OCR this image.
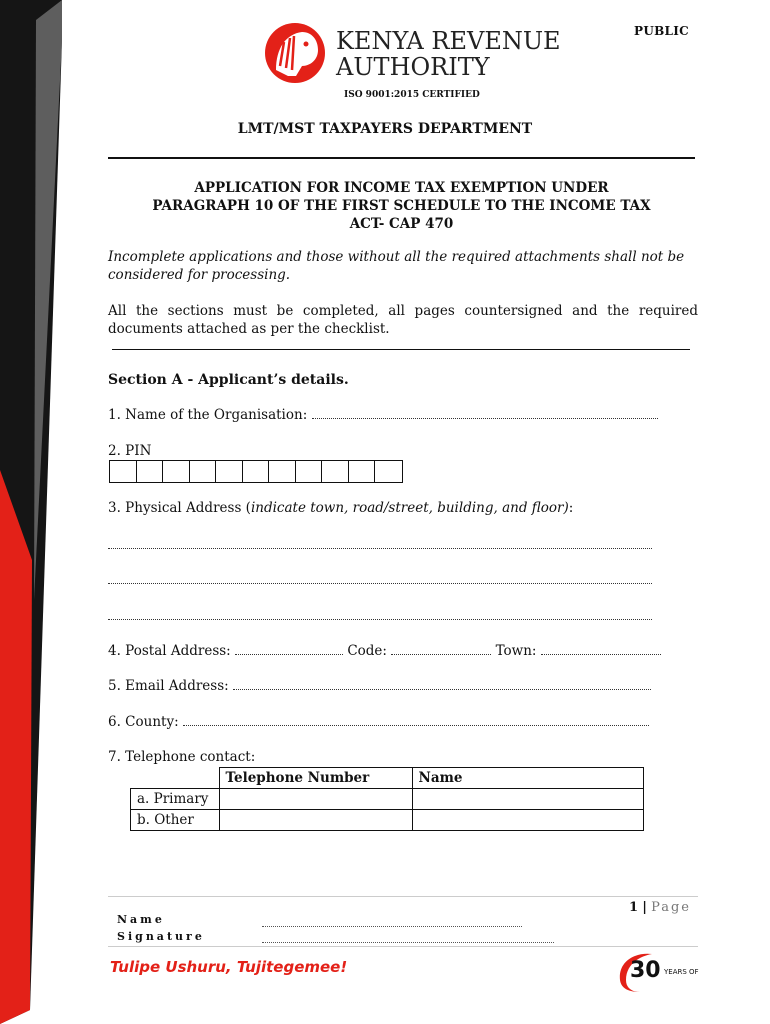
PUBLIC
KENYA REVENUE
AUTHORITY
ISO 9001:2015 CERTIFIED
LMT/MST TAXPAYERS DEPARTMENT
APPLICATION FOR INCOME TAX EXEMPTION UNDER
PARAGRAPH 10 OF THE FIRST SCHEDULE TO THE INCOME TAX
ACT- CAP 470
Incomplete applications and those without all the required attachments shall not be considered for processing.
All the sections must be completed, all pages countersigned and the required documents attached as per the checklist.
Section A - Applicant’s details.
1. Name of the Organisation:
2. PIN
3. Physical Address (indicate town, road/street, building, and floor):
4. Postal Address:	Code:	Town:
5. Email Address:
6. County:
7. Telephone contact:
	Telephone Number	Name
a. Primary		
b. Other		
1 | Page
Name
Signature
Tulipe Ushuru, Tujitegemee!	30 YEARS OF
